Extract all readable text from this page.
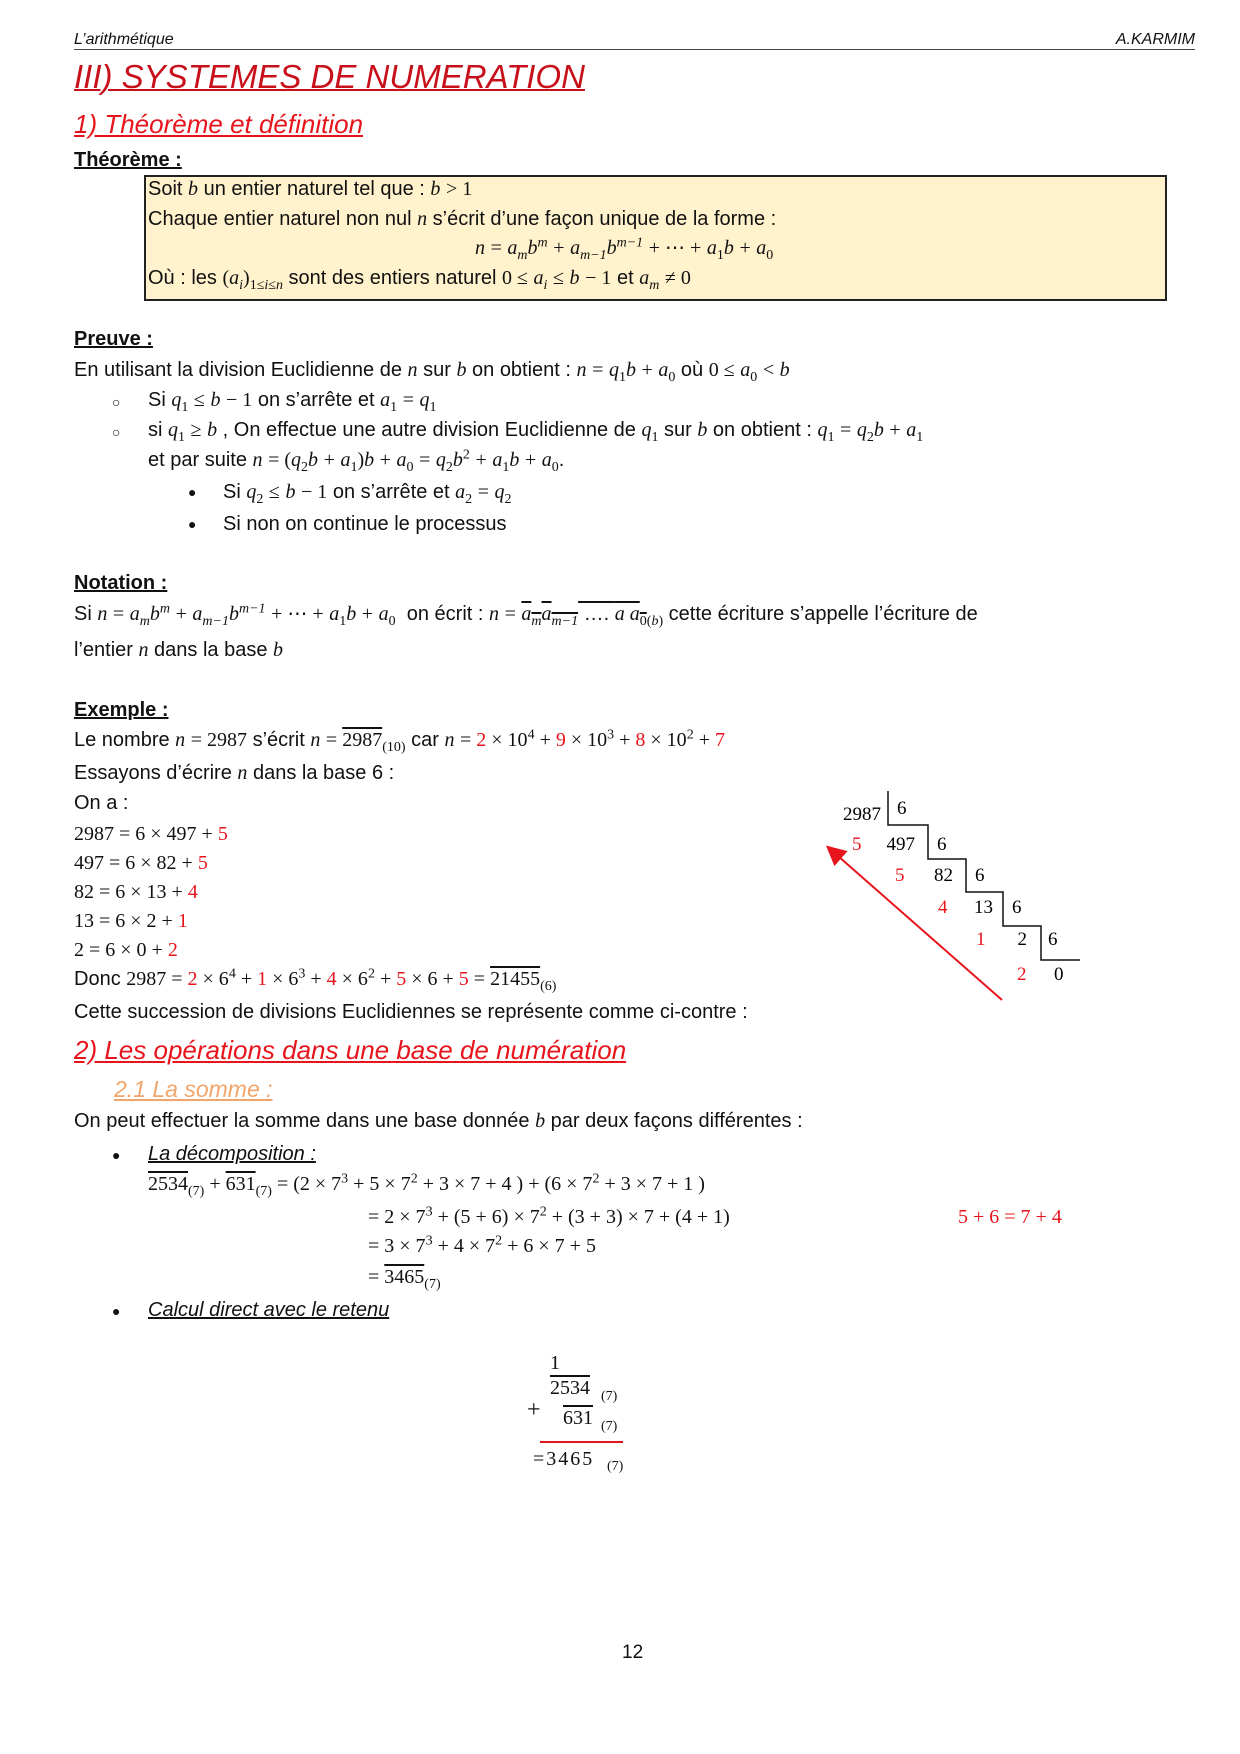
L’arithmétique	A.KARMIM
III) SYSTEMES DE NUMERATION
1) Théorème et définition
Théorème :
Soit b un entier naturel tel que : b > 1
Chaque entier naturel non nul n s’écrit d’une façon unique de la forme :
$n = a_mb^m + a_{m-1}b^{m-1}$ + ⋯ + $a_1b + a_0$
Où : les $(a_i)_{1\le i\le n}$ sont des entiers naturel $0 \le a_i \le b - 1$ et $a_m \ne 0$
Preuve :
En utilisant la division Euclidienne de n sur b on obtient : $n = q_1b + a_0$ où $0 \le a_0 < b$
○ Si $q_1 \le b - 1$ on s’arrête et $a_1 = q_1$
○ si $q_1 \ge b$ , On effectue une autre division Euclidienne de $q_1$ sur b on obtient : $q_1 = q_2b + a_1$
et par suite $n = (q_2b + a_1)b + a_0 = q_2b^2 + a_1b + a_0$.
● Si $q_2 \le b - 1$ on s’arrête et $a_2 = q_2$
● Si non on continue le processus
Notation :
Si $n = a_mb^m + a_{m-1}b^{m-1}$ + ⋯ + $a_1b + a_0$  on écrit : $n = a_ma_{m-1}$ …. a $a_{0(b)}$ cette écriture s’appelle l’écriture de
l’entier n dans la base b
Exemple :
Le nombre n = 2987 s’écrit $n = 2987_{(10)}$ car $n = 2 \times 10^4 + 9 \times 10^3 + 8 \times 10^2 + 7$
Essayons d’écrire n dans la base 6 :
On a :
2987 = 6 × 497 + 5
497 = 6 × 82 + 5
82 = 6 × 13 + 4
13 = 6 × 2 + 1
2 = 6 × 0 + 2
Donc $2987 = 2 \times 6^4 + 1 \times 6^3 + 4 \times 6^2 + 5 \times 6 + 5 = 21455_{(6)}$
Cette succession de divisions Euclidiennes se représente comme ci-contre :
2987 6
497 6
82 6
13 6
2 6
0
5
5
4
1
2
2) Les opérations dans une base de numération
2.1 La somme :
On peut effectuer la somme dans une base donnée b par deux façons différentes :
● La décomposition :
$2534_{(7)} + 631_{(7)} = (2 \times 7^3 + 5 \times 7^2 + 3 \times 7 + 4$ ) + ($6 \times 7^2 + 3 \times 7 + 1$ )
= $2 \times 7^3 + (5 + 6) \times 7^2 + (3 + 3) \times 7 + (4 + 1)$
= $3 \times 7^3 + 4 \times 7^2 + 6 \times 7 + 5$
= $3465_{(7)}$
5 + 6 = 7 + 4
● Calcul direct avec le retenu
1
2534 (7)
+ 631 (7)
=3465 (7)
12
